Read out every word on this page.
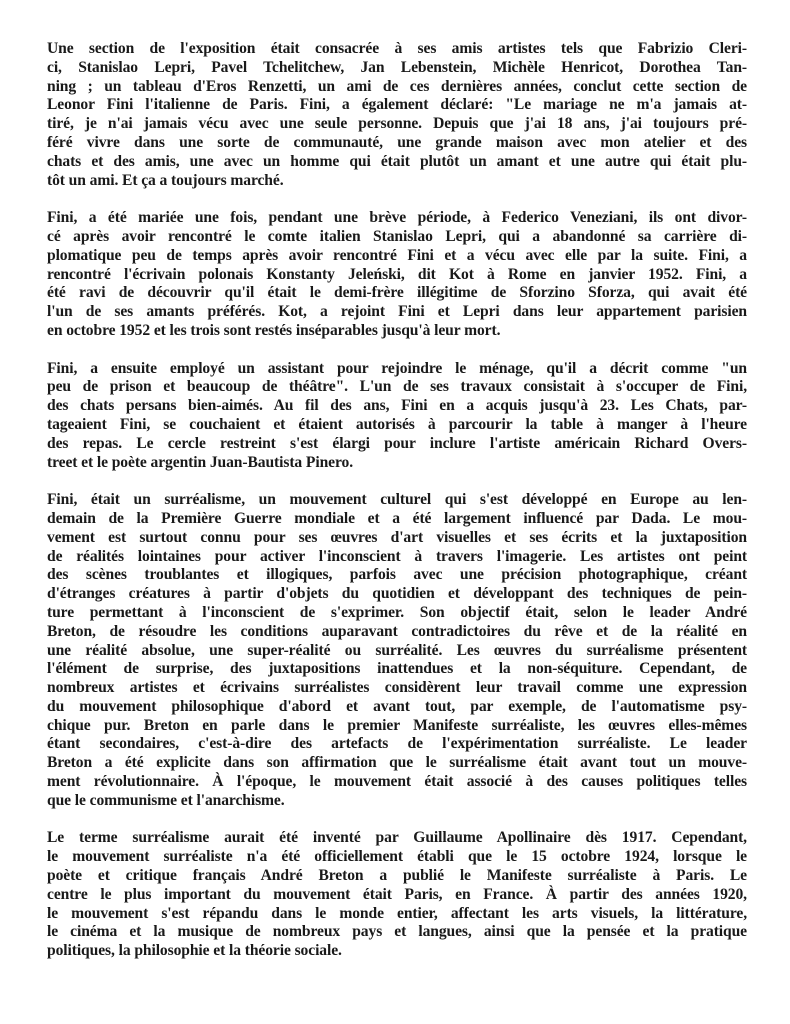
Une section de l'exposition était consacrée à ses amis artistes tels que Fabrizio Cleri-
ci, Stanislao Lepri, Pavel Tchelitchew, Jan Lebenstein, Michèle Henricot, Dorothea Tan-
ning ; un tableau d'Eros Renzetti, un ami de ces dernières années, conclut cette section de
Leonor Fini l'italienne de Paris. Fini, a également déclaré: "Le mariage ne m'a jamais at-
tiré, je n'ai jamais vécu avec une seule personne. Depuis que j'ai 18 ans, j'ai toujours pré-
féré vivre dans une sorte de communauté, une grande maison avec mon atelier et des
chats et des amis, une avec un homme qui était plutôt un amant et une autre qui était plu-
tôt un ami. Et ça a toujours marché.
Fini, a été mariée une fois, pendant une brève période, à Federico Veneziani, ils ont divor-
cé après avoir rencontré le comte italien Stanislao Lepri, qui a abandonné sa carrière di-
plomatique peu de temps après avoir rencontré Fini et a vécu avec elle par la suite. Fini, a
rencontré l'écrivain polonais Konstanty Jeleński, dit Kot à Rome en janvier 1952. Fini, a
été ravi de découvrir qu'il était le demi-frère illégitime de Sforzino Sforza, qui avait été
l'un de ses amants préférés. Kot, a rejoint Fini et Lepri dans leur appartement parisien
en octobre 1952 et les trois sont restés inséparables jusqu'à leur mort.
Fini, a ensuite employé un assistant pour rejoindre le ménage, qu'il a décrit comme "un
peu de prison et beaucoup de théâtre". L'un de ses travaux consistait à s'occuper de Fini,
des chats persans bien-aimés. Au fil des ans, Fini en a acquis jusqu'à 23. Les Chats, par-
tageaient Fini, se couchaient et étaient autorisés à parcourir la table à manger à l'heure
des repas. Le cercle restreint s'est élargi pour inclure l'artiste américain Richard Overs-
treet et le poète argentin Juan-Bautista Pinero.
Fini, était un surréalisme, un mouvement culturel qui s'est développé en Europe au len-
demain de la Première Guerre mondiale et a été largement influencé par Dada. Le mou-
vement est surtout connu pour ses œuvres d'art visuelles et ses écrits et la juxtaposition
de réalités lointaines pour activer l'inconscient à travers l'imagerie. Les artistes ont peint
des scènes troublantes et illogiques, parfois avec une précision photographique, créant
d'étranges créatures à partir d'objets du quotidien et développant des techniques de pein-
ture permettant à l'inconscient de s'exprimer. Son objectif était, selon le leader André
Breton, de résoudre les conditions auparavant contradictoires du rêve et de la réalité en
une réalité absolue, une super-réalité ou surréalité. Les œuvres du surréalisme présentent
l'élément de surprise, des juxtapositions inattendues et la non-séquiture. Cependant, de
nombreux artistes et écrivains surréalistes considèrent leur travail comme une expression
du mouvement philosophique d'abord et avant tout, par exemple, de l'automatisme psy-
chique pur. Breton en parle dans le premier Manifeste surréaliste, les œuvres elles-mêmes
étant secondaires, c'est-à-dire des artefacts de l'expérimentation surréaliste. Le leader
Breton a été explicite dans son affirmation que le surréalisme était avant tout un mouve-
ment révolutionnaire. À l'époque, le mouvement était associé à des causes politiques telles
que le communisme et l'anarchisme.
Le terme surréalisme aurait été inventé par Guillaume Apollinaire dès 1917. Cependant,
le mouvement surréaliste n'a été officiellement établi que le 15 octobre 1924, lorsque le
poète et critique français André Breton a publié le Manifeste surréaliste à Paris. Le
centre le plus important du mouvement était Paris, en France. À partir des années 1920,
le mouvement s'est répandu dans le monde entier, affectant les arts visuels, la littérature,
le cinéma et la musique de nombreux pays et langues, ainsi que la pensée et la pratique
politiques, la philosophie et la théorie sociale.
